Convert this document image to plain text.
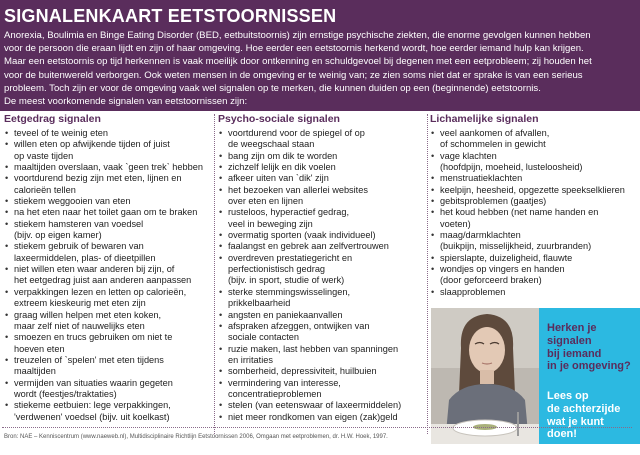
SIGNALENKAART EETSTOORNISSEN
Anorexia, Boulimia en Binge Eating Disorder (BED, eetbuitstoornis) zijn ernstige psychische ziekten, die enorme gevolgen kunnen hebben
voor de persoon die eraan lijdt en zijn of haar omgeving. Hoe eerder een eetstoornis herkend wordt, hoe eerder iemand hulp kan krijgen.
Maar een eetstoornis op tijd herkennen is vaak moeilijk door ontkenning en schuldgevoel bij degenen met een eetprobleem; zij houden het
voor de buitenwereld verborgen. Ook weten mensen in de omgeving er te weinig van; ze zien soms niet dat er sprake is van een serieus
probleem. Toch zijn er voor de omgeving vaak wel signalen op te merken, die kunnen duiden op een (beginnende) eetstoornis.
De meest voorkomende signalen van eetstoornissen zijn:
Eetgedrag signalen
• teveel of te weinig eten
• willen eten op afwijkende tijden of juist
op vaste tijden
• maaltijden overslaan, vaak `geen trek` hebben
• voortdurend bezig zijn met eten, lijnen en
calorieën tellen
• stiekem weggooien van eten
• na het eten naar het toilet gaan om te braken
• stiekem hamsteren van voedsel
(bijv. op eigen kamer)
• stiekem gebruik of bewaren van
laxeermiddelen, plas- of dieetpillen
• niet willen eten waar anderen bij zijn, of
het eetgedrag juist aan anderen aanpassen
• verpakkingen lezen en letten op calorieën,
extreem kieskeurig met eten zijn
• graag willen helpen met eten koken,
maar zelf niet of nauwelijks eten
• smoezen en trucs gebruiken om niet te
hoeven eten
• treuzelen of `spelen' met eten tijdens
maaltijden
• vermijden van situaties waarin gegeten
wordt (feestjes/traktaties)
• stiekeme eetbuien: lege verpakkingen,
'verdwenen' voedsel (bijv. uit koelkast)
Psycho-sociale signalen
• voortdurend voor de spiegel of op
de weegschaal staan
• bang zijn om dik te worden
• zichzelf lelijk en dik voelen
• afkeer uiten van `dik' zijn
• het bezoeken van allerlei websites
over eten en lijnen
• rusteloos, hyperactief gedrag,
veel in beweging zijn
• overmatig sporten (vaak individueel)
• faalangst en gebrek aan zelfvertrouwen
• overdreven prestatiegericht en
perfectionistisch gedrag
(bijv. in sport, studie of werk)
• sterke stemmingswisselingen,
prikkelbaarheid
• angsten en paniekaanvallen
• afspraken afzeggen, ontwijken van
sociale contacten
• ruzie maken, last hebben van spanningen
en irritaties
• somberheid, depressiviteit, huilbuien
• vermindering van interesse,
concentratieproblemen
• stelen (van eetenswaar of laxeermiddelen)
• niet meer rondkomen van eigen (zak)geld
Lichamelijke signalen
• veel aankomen of afvallen,
of schommelen in gewicht
• vage klachten
(hoofdpijn, moeheid, lusteloosheid)
• menstruatieklachten
• keelpijn, heesheid, opgezette speekselklieren
• gebitsproblemen (gaatjes)
• het koud hebben (net name handen en
voeten)
• maag/darmklachten
(buikpijn, misselijkheid, zuurbranden)
• spierslapte, duizeligheid, flauwte
• wondjes op vingers en handen
(door geforceerd braken)
• slaapproblemen
Herken je
signalen
bij iemand
in je omgeving?
Lees op
de achterzijde
wat je kunt
doen!
Bron: NAE – Kenniscentrum (www.naeweb.nl), Multidisciplinaire Richtlijn Eetstoornissen 2006, Omgaan met eetproblemen, dr. H.W. Hoek, 1997.
